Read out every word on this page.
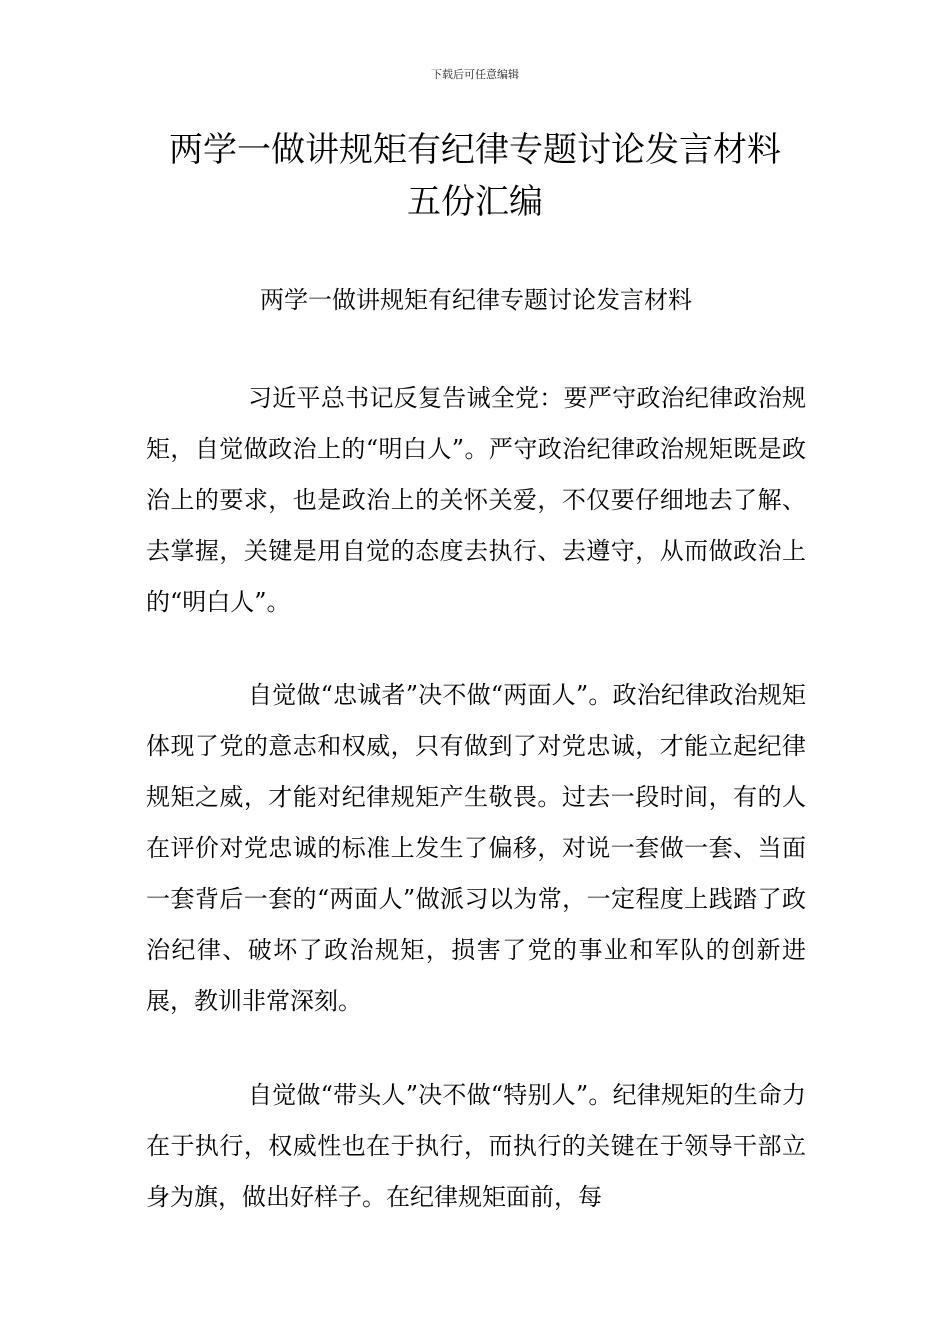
下载后可任意编辑
两学一做讲规矩有纪律专题讨论发言材料
五份汇编
两学一做讲规矩有纪律专题讨论发言材料

习近平总书记反复告诫全党：要严守政治纪律政治规矩，自觉做政治上的“明白人”。严守政治纪律政治规矩既是政治上的要求，也是政治上的关怀关爱，不仅要仔细地去了解、去掌握，关键是用自觉的态度去执行、去遵守，从而做政治上的“明白人”。

自觉做“忠诚者”决不做“两面人”。政治纪律政治规矩体现了党的意志和权威，只有做到了对党忠诚，才能立起纪律规矩之威，才能对纪律规矩产生敬畏。过去一段时间，有的人在评价对党忠诚的标准上发生了偏移，对说一套做一套、当面一套背后一套的“两面人”做派习以为常，一定程度上践踏了政治纪律、破坏了政治规矩，损害了党的事业和军队的创新进展，教训非常深刻。

自觉做“带头人”决不做“特别人”。纪律规矩的生命力在于执行，权威性也在于执行，而执行的关键在于领导干部立身为旗，做出好样子。在纪律规矩面前，每
